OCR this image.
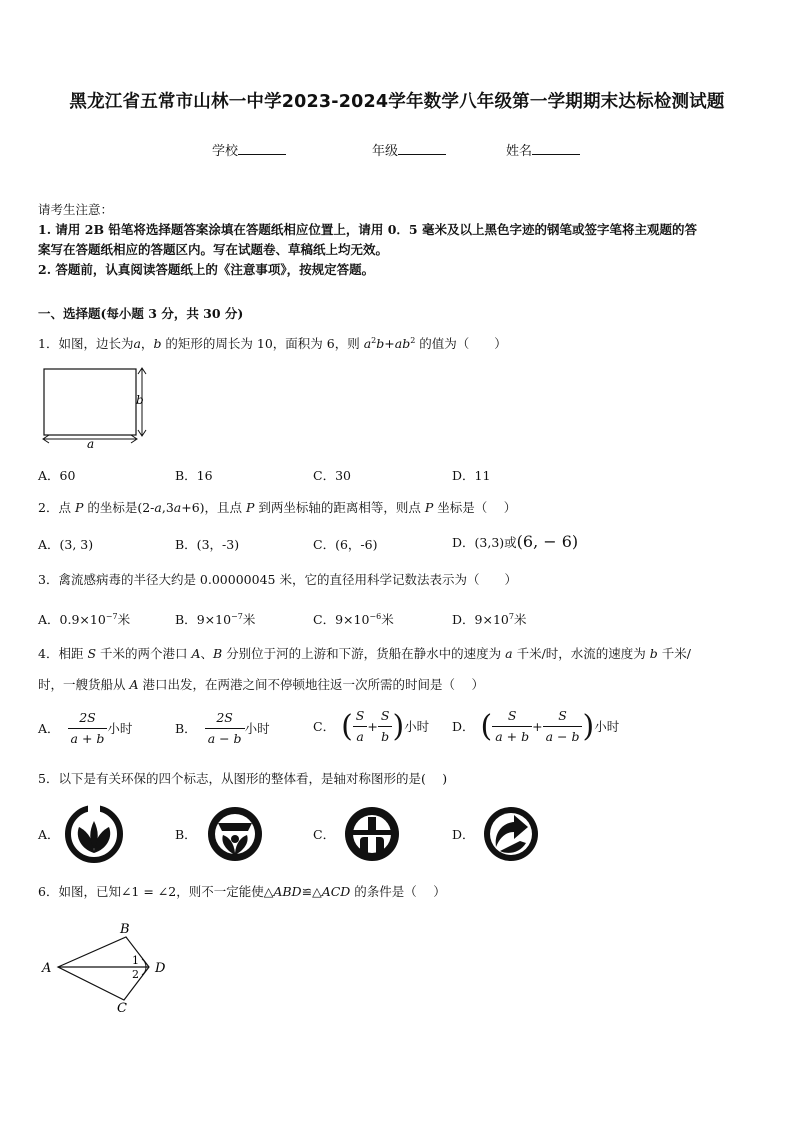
黑龙江省五常市山林一中学2023-2024学年数学八年级第一学期期末达标检测试题
学校	年级	姓名
请考生注意：
1. 请用 2B 铅笔将选择题答案涂填在答题纸相应位置上，请用 0．5 毫米及以上黑色字迹的钢笔或签字笔将主观题的答
案写在答题纸相应的答题区内。写在试题卷、草稿纸上均无效。
2. 答题前，认真阅读答题纸上的《注意事项》，按规定答题。
一、选择题(每小题 3 分，共 30 分)
1．如图，边长为a，b 的矩形的周长为 10，面积为 6，则 $a^2b+ab^2$ 的值为（　　）
b
a
A．60	B．16	C．30	D．11
2．点 P 的坐标是(2-a,3a+6)，且点 P 到两坐标轴的距离相等，则点 P 坐标是（　 ）
A．(3, 3)	B．(3，-3)	C．(6，-6)	D．(3,3)或(6, − 6)
3．禽流感病毒的半径大约是 0.00000045 米，它的直径用科学记数法表示为（　　）
A．$0.9\times 10^{-7}$米	B．$9\times 10^{-7}$米	C．$9\times 10^{-6}$米	D．$9\times 10^7$米
4．相距 S 千米的两个港口 A、B 分别位于河的上游和下游，货船在静水中的速度为 a 千米/时，水流的速度为 b 千米/
时，一艘货船从 A 港口出发，在两港之间不停顿地往返一次所需的时间是（　 ）
A． $\frac{2S}{a + b}$ 小时	B． $\frac{2S}{a - b}$ 小时	C． ( $\frac{S}{a} + \frac{S}{b}$ ) 小时 D． ( $\frac{S}{a + b} + \frac{S}{a - b}$ ) 小时
5．以下是有关环保的四个标志，从图形的整体看，是轴对称图形的是(　 )
A．	B．	C．	D．
6．如图，已知∠1 = ∠2，则不一定能使△ABD≌△ACD 的条件是（　 ）
A
B
C
D
1
2
